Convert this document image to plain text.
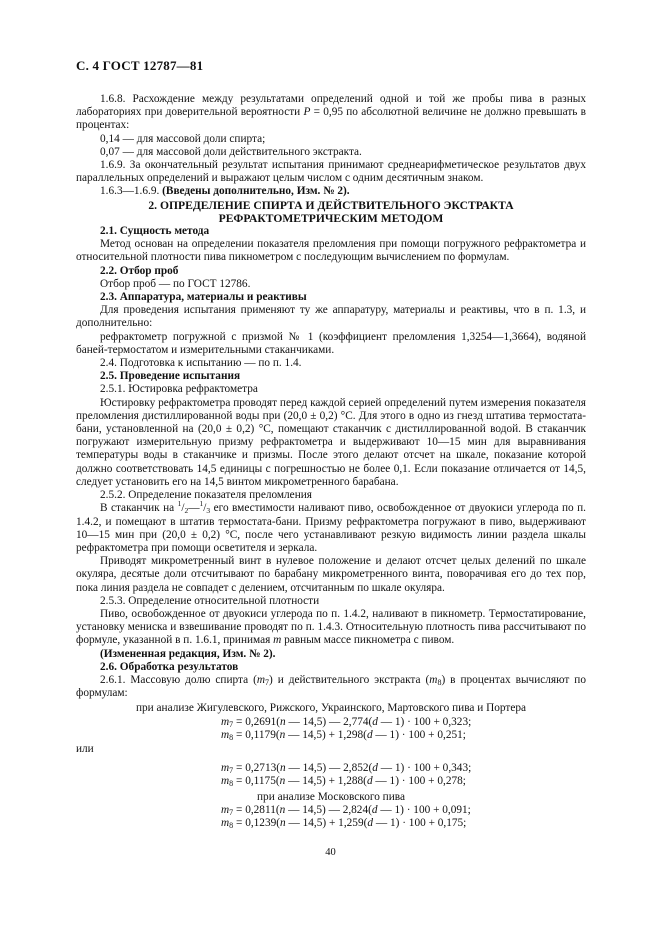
С. 4 ГОСТ 12787—81

1.6.8. Расхождение между результатами определений одной и той же пробы пива в разных лабораториях при доверительной вероятности P = 0,95 по абсолютной величине не должно превышать в процентах:

0,14 — для массовой доли спирта;

0,07 — для массовой доли действительного экстракта.

1.6.9. За окончательный результат испытания принимают среднеарифметическое результатов двух параллельных определений и выражают целым числом с одним десятичным знаком.

1.6.3—1.6.9. (Введены дополнительно, Изм. № 2).

2. ОПРЕДЕЛЕНИЕ СПИРТА И ДЕЙСТВИТЕЛЬНОГО ЭКСТРАКТА РЕФРАКТОМЕТРИЧЕСКИМ МЕТОДОМ

2.1. Сущность метода

Метод основан на определении показателя преломления при помощи погружного рефрактометра и относительной плотности пива пикнометром с последующим вычислением по формулам.

2.2. Отбор проб

Отбор проб — по ГОСТ 12786.

2.3. Аппаратура, материалы и реактивы

Для проведения испытания применяют ту же аппаратуру, материалы и реактивы, что в п. 1.3, и дополнительно:

рефрактометр погружной с призмой № 1 (коэффициент преломления 1,3254—1,3664), водяной баней-термостатом и измерительными стаканчиками.

2.4. Подготовка к испытанию — по п. 1.4.

2.5. Проведение испытания

2.5.1. Юстировка рефрактометра

Юстировку рефрактометра проводят перед каждой серией определений путем измерения показателя преломления дистиллированной воды при (20,0 ± 0,2) °С. Для этого в одно из гнезд штатива термостата-бани, установленной на (20,0 ± 0,2) °С, помещают стаканчик с дистиллированной водой. В стаканчик погружают измерительную призму рефрактометра и выдерживают 10—15 мин для выравнивания температуры воды в стаканчике и призмы. После этого делают отсчет на шкале, показание которой должно соответствовать 14,5 единицы с погрешностью не более 0,1. Если показание отличается от 14,5, следует установить его на 14,5 винтом микрометренного барабана.

2.5.2. Определение показателя преломления

В стаканчик на $^1/_2—^1/_3$ его вместимости наливают пиво, освобожденное от двуокиси углерода по п. 1.4.2, и помещают в штатив термостата-бани. Призму рефрактометра погружают в пиво, выдерживают 10—15 мин при (20,0 ± 0,2) °С, после чего устанавливают резкую видимость линии раздела шкалы рефрактометра при помощи осветителя и зеркала.

Приводят микрометренный винт в нулевое положение и делают отсчет целых делений по шкале окуляра, десятые доли отсчитывают по барабану микрометренного винта, поворачивая его до тех пор, пока линия раздела не совпадет с делением, отсчитанным по шкале окуляра.

2.5.3. Определение относительной плотности

Пиво, освобожденное от двуокиси углерода по п. 1.4.2, наливают в пикнометр. Термостатирование, установку мениска и взвешивание проводят по п. 1.4.3. Относительную плотность пива рассчитывают по формуле, указанной в п. 1.6.1, принимая m равным массе пикнометра с пивом.

(Измененная редакция, Изм. № 2).

2.6. Обработка результатов

2.6.1. Массовую долю спирта $(m_7)$ и действительного экстракта $(m_8)$ в процентах вычисляют по формулам:

при анализе Жигулевского, Рижского, Украинского, Мартовского пива и Портера

$m_7 = 0,2691(n$ — 14,5) — 2,774(d — 1) · 100 + 0,323;

$m_8 = 0,1179(n$ — 14,5) + 1,298(d — 1) · 100 + 0,251;

или

$m_7 = 0,2713(n$ — 14,5) — 2,852(d — 1) · 100 + 0,343;

$m_8 = 0,1175(n$ — 14,5) + 1,288(d — 1) · 100 + 0,278;

при анализе Московского пива

$m_7 = 0,2811(n$ — 14,5) — 2,824(d — 1) · 100 + 0,091;

$m_8 = 0,1239(n$ — 14,5) + 1,259(d — 1) · 100 + 0,175;

40
